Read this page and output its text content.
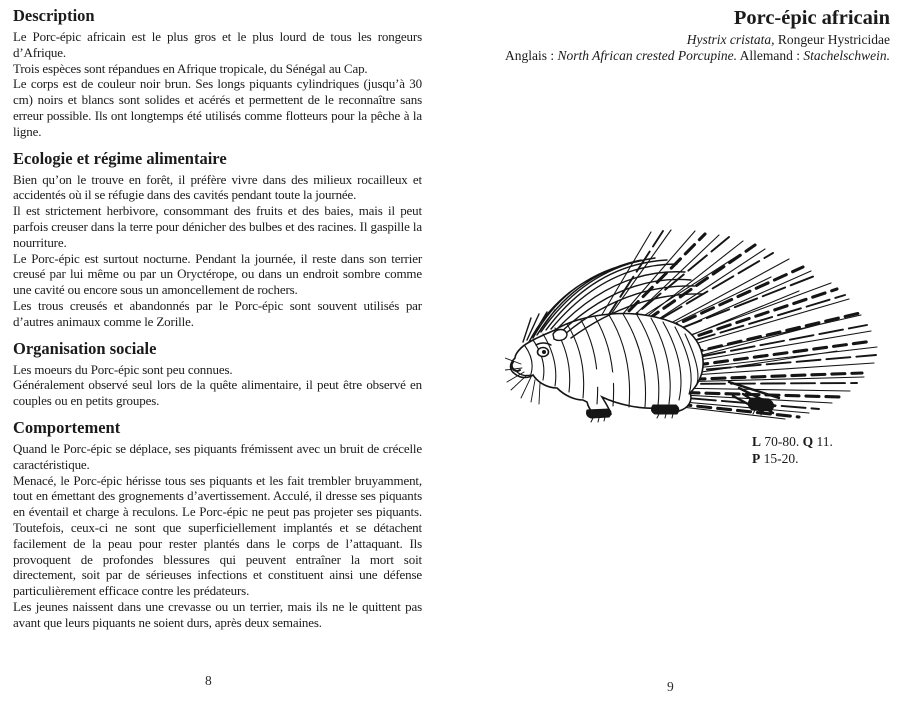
Description

Le Porc-épic africain est le plus gros et le plus lourd de tous les rongeurs d’Afrique.

Trois espèces sont répandues en Afrique tropicale, du Sénégal au Cap.

Le corps est de couleur noir brun. Ses longs piquants cylindriques (jusqu’à 30 cm) noirs et blancs sont solides et acérés et permettent de le reconnaître sans erreur possible. Ils ont longtemps été utilisés comme flotteurs pour la pêche à la ligne.

Ecologie et régime alimentaire

Bien qu’on le trouve en forêt, il préfère vivre dans des milieux rocailleux et accidentés où il se réfugie dans des cavités pendant toute la journée.

Il est strictement herbivore, consommant des fruits et des baies, mais il peut parfois creuser dans la terre pour dénicher des bulbes et des racines. Il gaspille la nourriture.

Le Porc-épic est surtout nocturne. Pendant la journée, il reste dans son terrier creusé par lui même ou par un Oryctérope, ou dans un endroit sombre comme une cavité ou encore sous un amoncellement de rochers.

Les trous creusés et abandonnés par le Porc-épic sont souvent utilisés par d’autres animaux comme le Zorille.

Organisation sociale

Les moeurs du Porc-épic sont peu connues.

Généralement observé seul lors de la quête alimentaire, il peut être observé en couples ou en petits groupes.

Comportement

Quand le Porc-épic se déplace, ses piquants frémissent avec un bruit de crécelle caractéristique.

Menacé, le Porc-épic hérisse tous ses piquants et les fait trembler bruyamment, tout en émettant des grognements d’avertissement. Acculé, il dresse ses piquants en éventail et charge à reculons. Le Porc-épic ne peut pas projeter ses piquants. Toutefois, ceux-ci ne sont que superficiellement implantés et se détachent facilement de la peau pour rester plantés dans le corps de l’attaquant. Ils provoquent de profondes blessures qui peuvent entraîner la mort soit directement, soit par de sérieuses infections et constituent ainsi une défense particulièrement efficace contre les prédateurs.

Les jeunes naissent dans une crevasse ou un terrier, mais ils ne le quittent pas avant que leurs piquants ne soient durs, après deux semaines.

Porc-épic africain

Hystrix cristata, Rongeur Hystricidae

Anglais : North African crested Porcupine. Allemand : Stachelschwein.

L 70-80. Q 11.
P 15-20.
8	9
